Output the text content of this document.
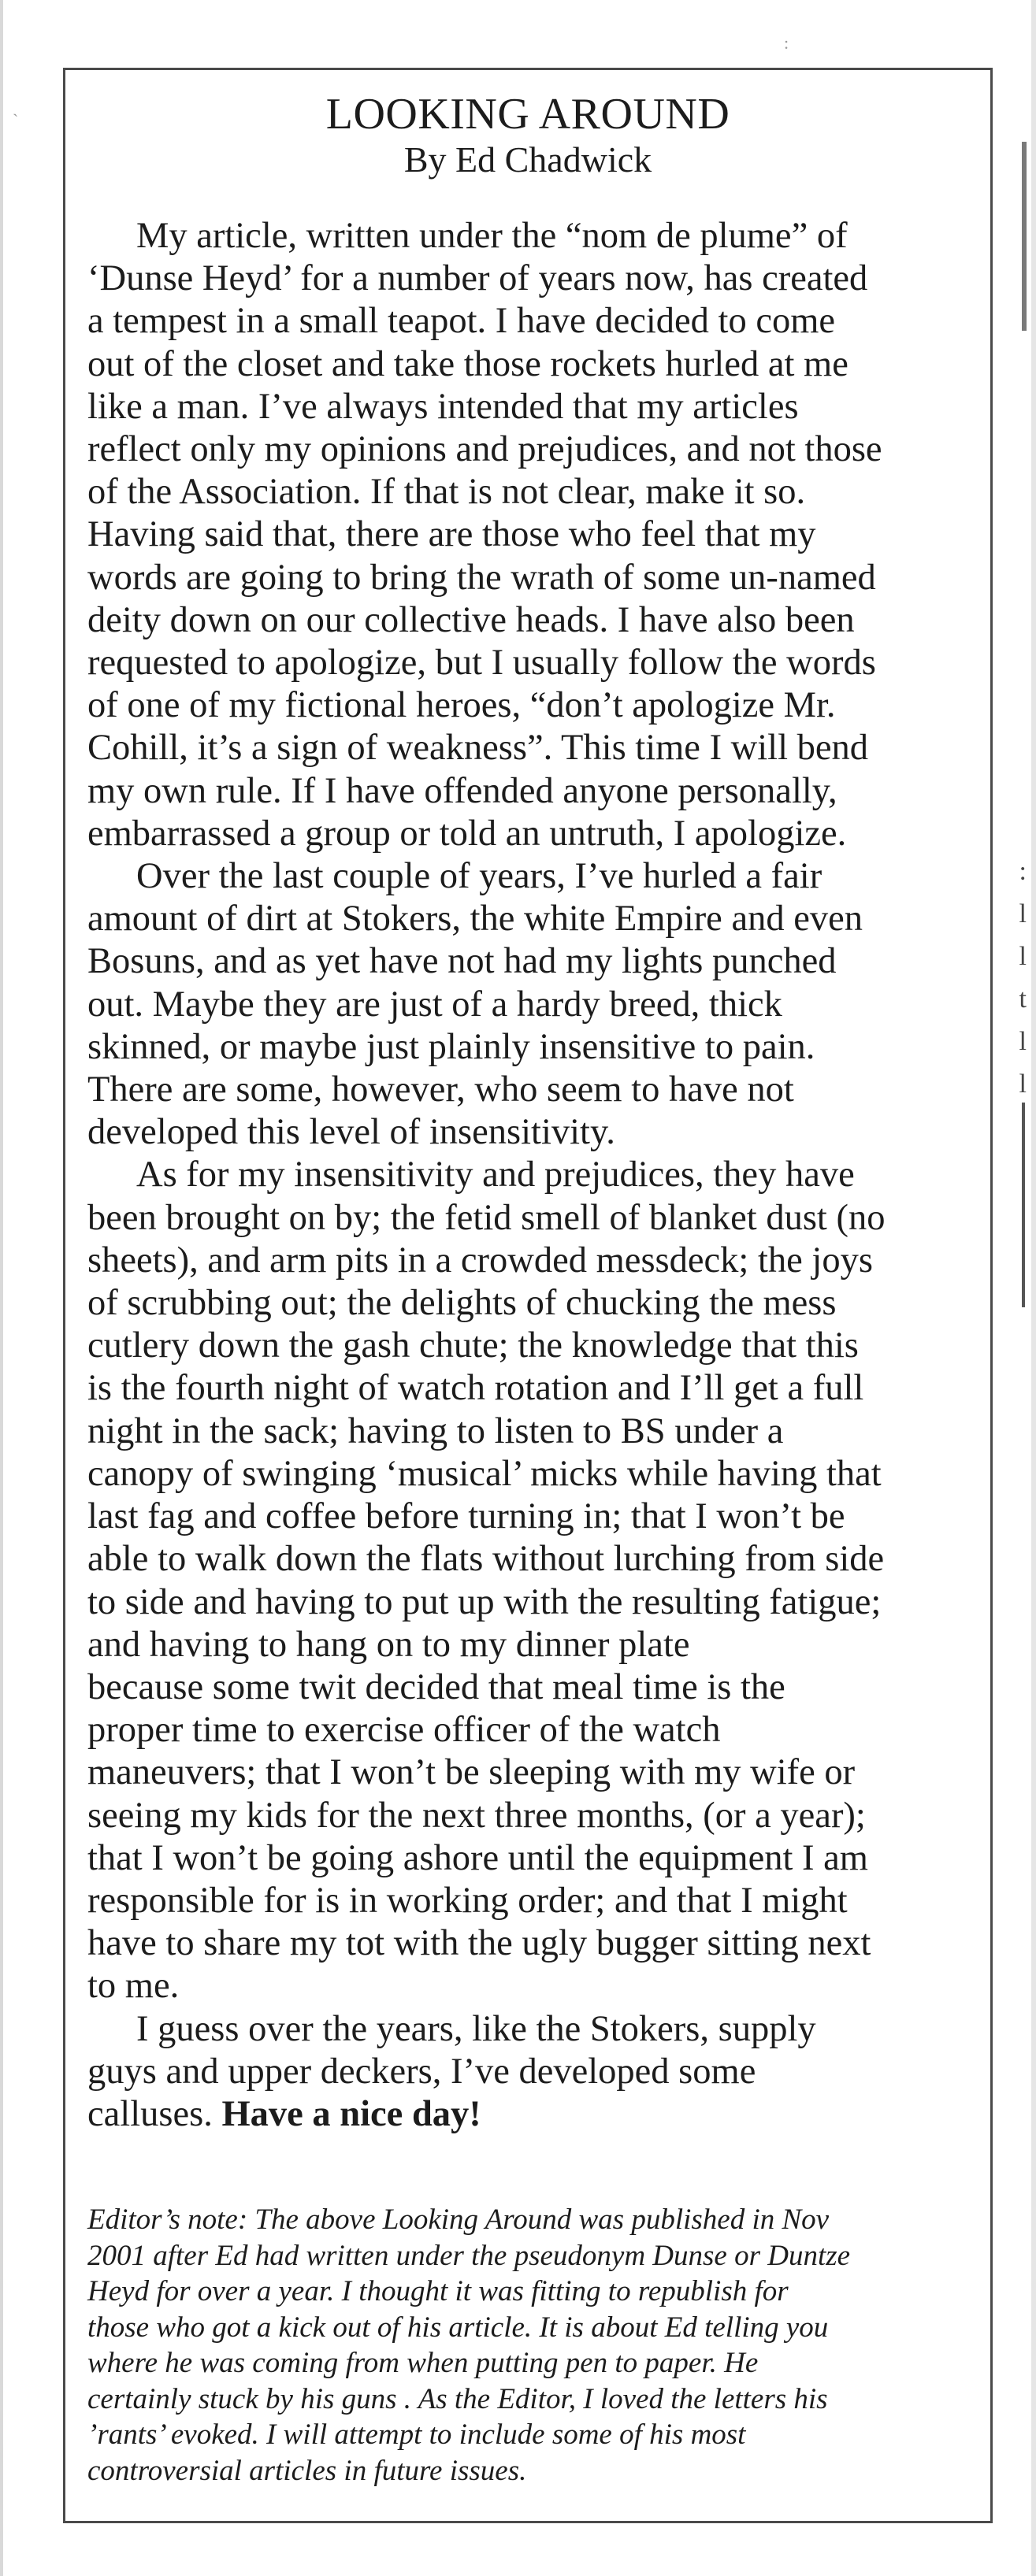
:
l
l
t
l
l
`
:
LOOKING AROUND
By Ed Chadwick

My article, written under the “nom de plume” of
‘Dunse Heyd’ for a number of years now, has created
a tempest in a small teapot. I have decided to come
out of the closet and take those rockets hurled at me
like a man. I’ve always intended that my articles
reflect only my opinions and prejudices, and not those
of the Association. If that is not clear, make it so.
Having said that, there are those who feel that my
words are going to bring the wrath of some un-named
deity down on our collective heads. I have also been
requested to apologize, but I usually follow the words
of one of my fictional heroes, “don’t apologize Mr.
Cohill, it’s a sign of weakness”. This time I will bend
my own rule. If I have offended anyone personally,
embarrassed a group or told an untruth, I apologize.

Over the last couple of years, I’ve hurled a fair
amount of dirt at Stokers, the white Empire and even
Bosuns, and as yet have not had my lights punched
out. Maybe they are just of a hardy breed, thick
skinned, or maybe just plainly insensitive to pain.
There are some, however, who seem to have not
developed this level of insensitivity.

As for my insensitivity and prejudices, they have
been brought on by; the fetid smell of blanket dust (no
sheets), and arm pits in a crowded messdeck; the joys
of scrubbing out; the delights of chucking the mess
cutlery down the gash chute; the knowledge that this
is the fourth night of watch rotation and I’ll get a full
night in the sack; having to listen to BS under a
canopy of swinging ‘musical’ micks while having that
last fag and coffee before turning in; that I won’t be
able to walk down the flats without lurching from side
to side and having to put up with the resulting fatigue;
and having to hang on to my dinner plate
because some twit decided that meal time is the
proper time to exercise officer of the watch
maneuvers; that I won’t be sleeping with my wife or
seeing my kids for the next three months, (or a year);
that I won’t be going ashore until the equipment I am
responsible for is in working order; and that I might
have to share my tot with the ugly bugger sitting next
to me.

I guess over the years, like the Stokers, supply
guys and upper deckers, I’ve developed some
calluses. Have a nice day!

Editor’s note: The above Looking Around was published in Nov
2001 after Ed had written under the pseudonym Dunse or Duntze
Heyd for over a year. I thought it was fitting to republish for
those who got a kick out of his article. It is about Ed telling you
where he was coming from when putting pen to paper. He
certainly stuck by his guns . As the Editor, I loved the letters his
’rants’ evoked. I will attempt to include some of his most
controversial articles in future issues.
